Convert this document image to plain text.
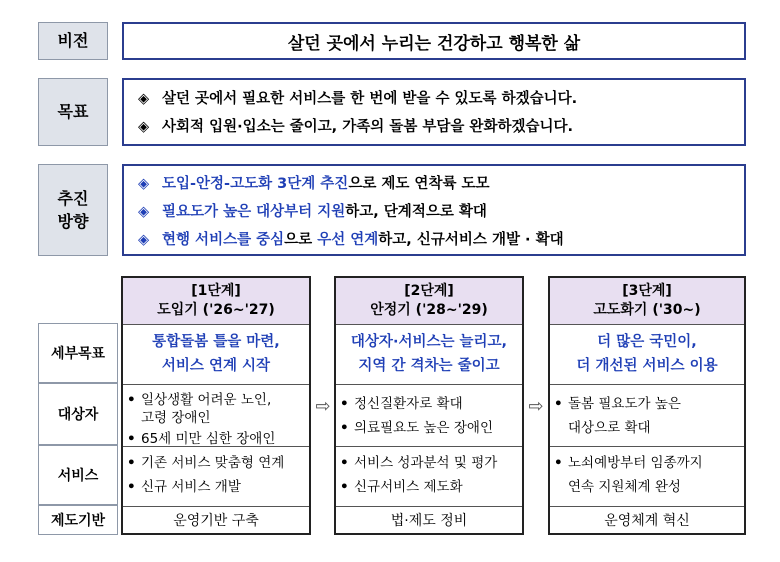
비전	살던 곳에서 누리는 건강하고 행복한 삶
목표
◈ 살던 곳에서 필요한 서비스를 한 번에 받을 수 있도록 하겠습니다.
◈ 사회적 입원·입소는 줄이고, 가족의 돌봄 부담을 완화하겠습니다.
추진
방향
◈ 도입-안정-고도화 3단계 추진으로 제도 연착륙 도모
◈ 필요도가 높은 대상부터 지원하고, 단계적으로 확대
◈ 현행 서비스를 중심으로 우선 연계하고, 신규서비스 개발 · 확대
세부목표
대상자
서비스
제도기반
[1단계]
도입기 ('26~'27)
통합돌봄 틀을 마련,
서비스 연계 시작
• 일상생활 어려운 노인,
고령 장애인
• 65세 미만 심한 장애인
• 기존 서비스 맞춤형 연계
• 신규 서비스 개발
운영기반 구축
⇨
[2단계]
안정기 ('28~'29)
대상자·서비스는 늘리고,
지역 간 격차는 줄이고
• 정신질환자로 확대
• 의료필요도 높은 장애인
• 서비스 성과분석 및 평가
• 신규서비스 제도화
법·제도 정비
⇨
[3단계]
고도화기 ('30~)
더 많은 국민이,
더 개선된 서비스 이용
• 돌봄 필요도가 높은
대상으로 확대
• 노쇠예방부터 임종까지
연속 지원체계 완성
운영체계 혁신
